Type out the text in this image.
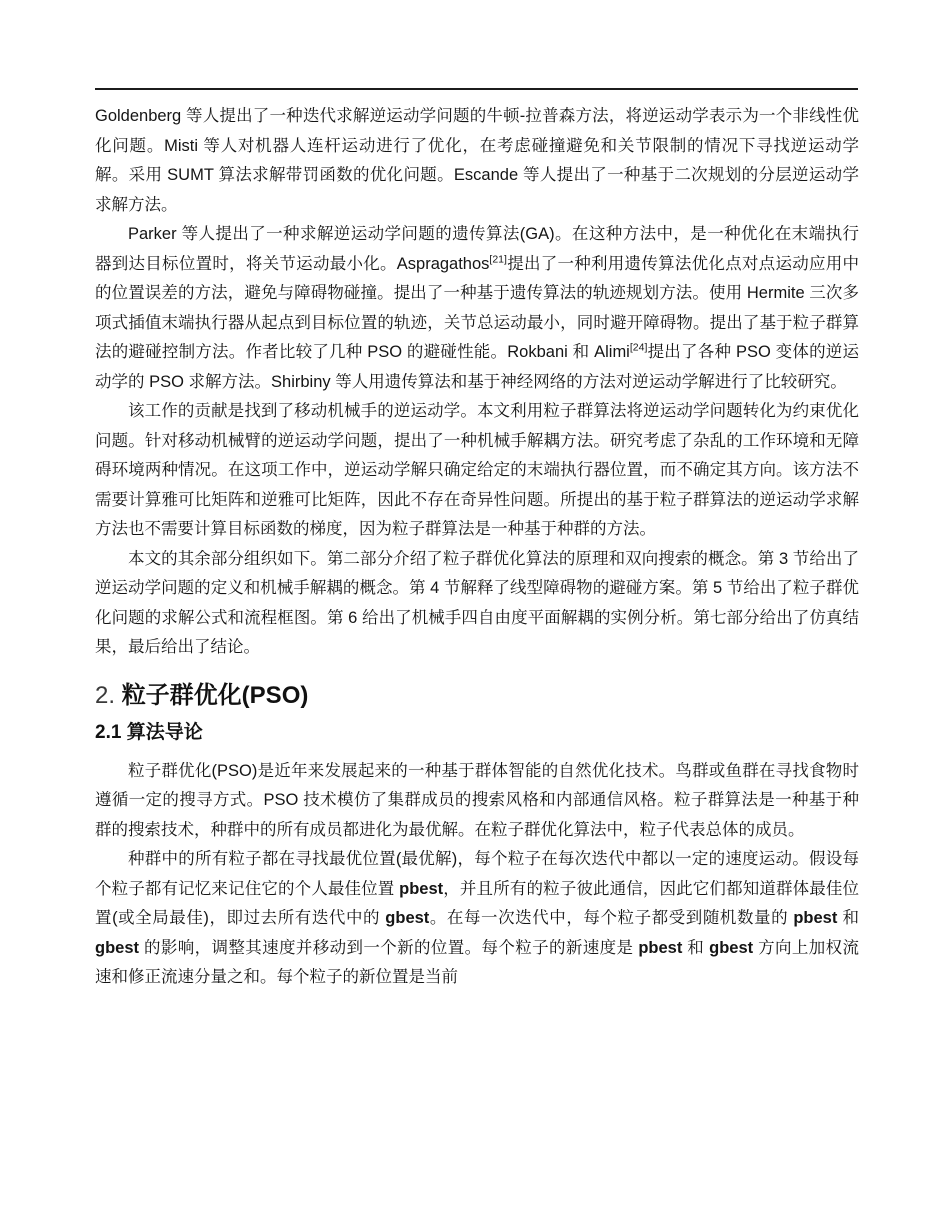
Goldenberg 等人提出了一种迭代求解逆运动学问题的牛顿-拉普森方法，将逆运动学表示为一个非线性优化问题。Misti 等人对机器人连杆运动进行了优化，在考虑碰撞避免和关节限制的情况下寻找逆运动学解。采用 SUMT 算法求解带罚函数的优化问题。Escande 等人提出了一种基于二次规划的分层逆运动学求解方法。

Parker 等人提出了一种求解逆运动学问题的遗传算法(GA)。在这种方法中，是一种优化在末端执行器到达目标位置时，将关节运动最小化。Aspragathos[21]提出了一种利用遗传算法优化点对点运动应用中的位置误差的方法，避免与障碍物碰撞。提出了一种基于遗传算法的轨迹规划方法。使用 Hermite 三次多项式插值末端执行器从起点到目标位置的轨迹，关节总运动最小，同时避开障碍物。提出了基于粒子群算法的避碰控制方法。作者比较了几种 PSO 的避碰性能。Rokbani 和 Alimi[24]提出了各种 PSO 变体的逆运动学的 PSO 求解方法。Shirbiny 等人用遗传算法和基于神经网络的方法对逆运动学解进行了比较研究。

该工作的贡献是找到了移动机械手的逆运动学。本文利用粒子群算法将逆运动学问题转化为约束优化问题。针对移动机械臂的逆运动学问题，提出了一种机械手解耦方法。研究考虑了杂乱的工作环境和无障碍环境两种情况。在这项工作中，逆运动学解只确定给定的末端执行器位置，而不确定其方向。该方法不需要计算雅可比矩阵和逆雅可比矩阵，因此不存在奇异性问题。所提出的基于粒子群算法的逆运动学求解方法也不需要计算目标函数的梯度，因为粒子群算法是一种基于种群的方法。

本文的其余部分组织如下。第二部分介绍了粒子群优化算法的原理和双向搜索的概念。第 3 节给出了逆运动学问题的定义和机械手解耦的概念。第 4 节解释了线型障碍物的避碰方案。第 5 节给出了粒子群优化问题的求解公式和流程框图。第 6 给出了机械手四自由度平面解耦的实例分析。第七部分给出了仿真结果，最后给出了结论。

2. 粒子群优化(PSO)
2.1 算法导论

粒子群优化(PSO)是近年来发展起来的一种基于群体智能的自然优化技术。鸟群或鱼群在寻找食物时遵循一定的搜寻方式。PSO 技术模仿了集群成员的搜索风格和内部通信风格。粒子群算法是一种基于种群的搜索技术，种群中的所有成员都进化为最优解。在粒子群优化算法中，粒子代表总体的成员。

种群中的所有粒子都在寻找最优位置(最优解)，每个粒子在每次迭代中都以一定的速度运动。假设每个粒子都有记忆来记住它的个人最佳位置 pbest，并且所有的粒子彼此通信，因此它们都知道群体最佳位置(或全局最佳)，即过去所有迭代中的 gbest。在每一次迭代中，每个粒子都受到随机数量的 pbest 和 gbest 的影响，调整其速度并移动到一个新的位置。每个粒子的新速度是 pbest 和 gbest 方向上加权流速和修正流速分量之和。每个粒子的新位置是当前
